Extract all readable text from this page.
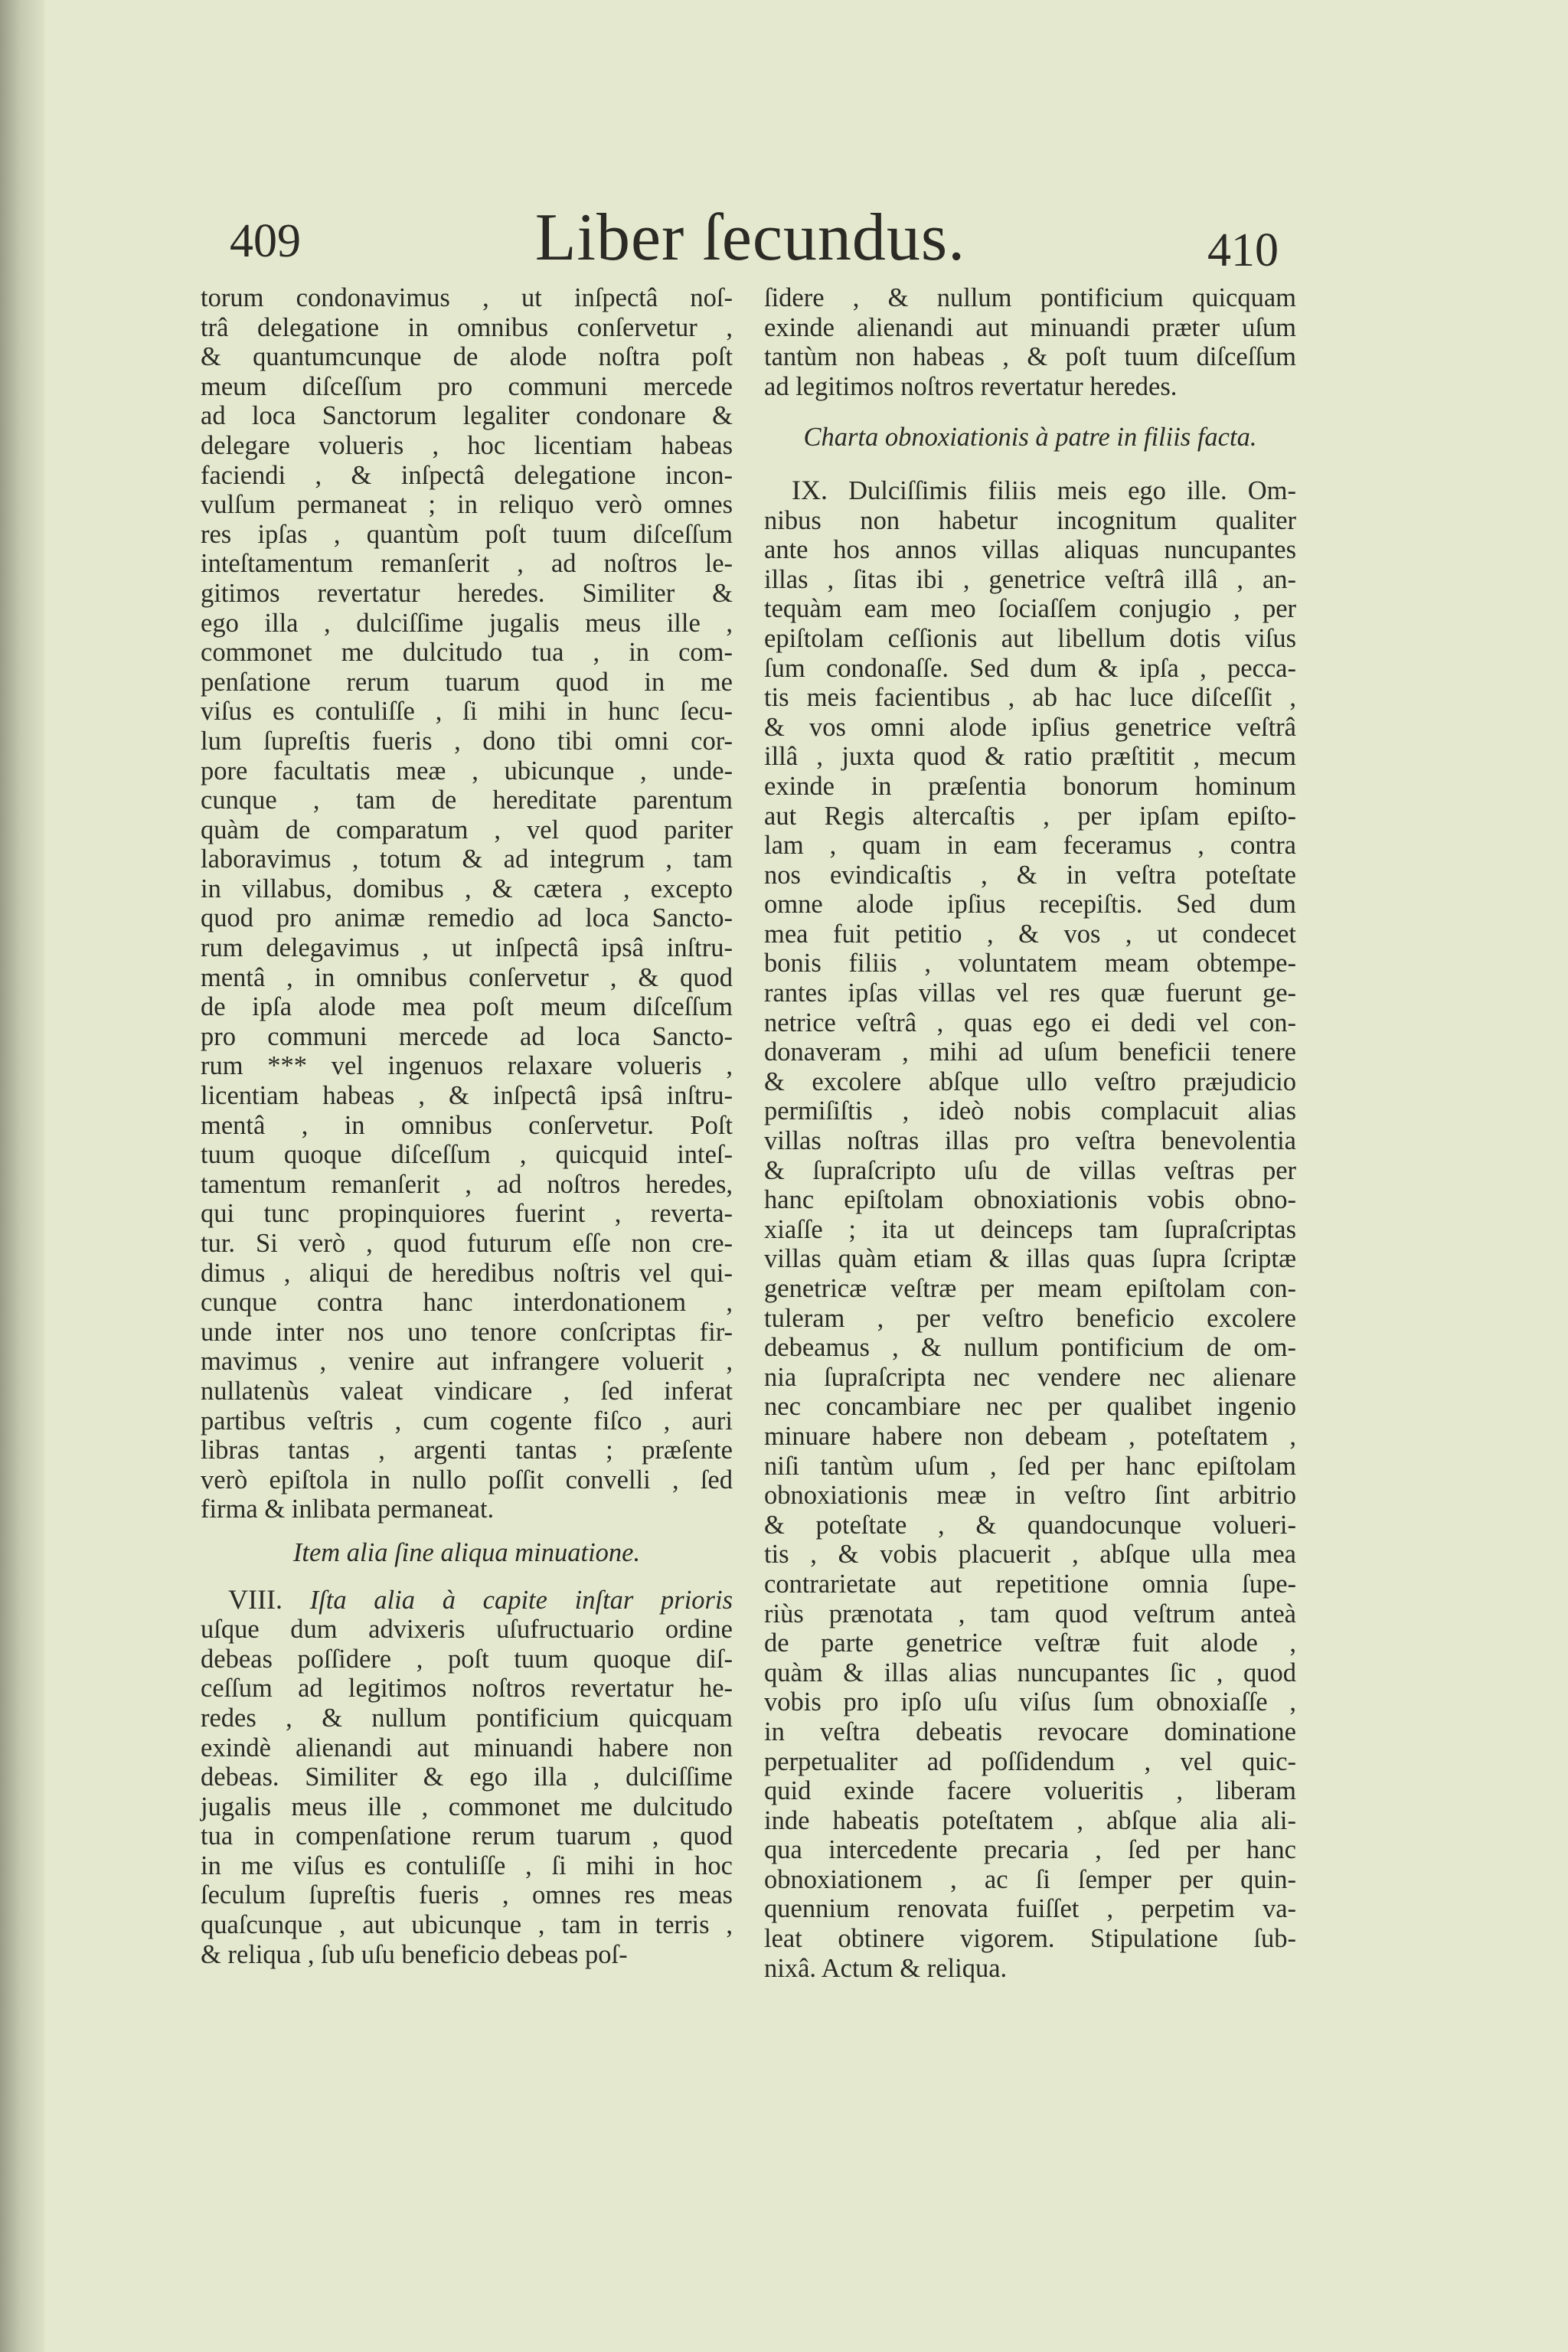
409	Liber ſecundus.	410
torum condonavimus , ut inſpectâ noſ-
trâ delegatione in omnibus conſervetur ,
& quantumcunque de alode noſtra poſt
meum diſceſſum pro communi mercede
ad loca Sanctorum legaliter condonare &
delegare volueris , hoc licentiam habeas
faciendi , & inſpectâ delegatione incon-
vulſum permaneat ; in reliquo verò omnes
res ipſas , quantùm poſt tuum diſceſſum
inteſtamentum remanſerit , ad noſtros le-
gitimos revertatur heredes. Similiter &
ego illa , dulciſſime jugalis meus ille ,
commonet me dulcitudo tua , in com-
penſatione rerum tuarum quod in me
viſus es contuliſſe , ſi mihi in hunc ſecu-
lum ſupreſtis fueris , dono tibi omni cor-
pore facultatis meæ , ubicunque , unde-
cunque , tam de hereditate parentum
quàm de comparatum , vel quod pariter
laboravimus , totum & ad integrum , tam
in villabus, domibus , & cætera , excepto
quod pro animæ remedio ad loca Sancto-
rum delegavimus , ut inſpectâ ipsâ inſtru-
mentâ , in omnibus conſervetur , & quod
de ipſa alode mea poſt meum diſceſſum
pro communi mercede ad loca Sancto-
rum *** vel ingenuos relaxare volueris ,
licentiam habeas , & inſpectâ ipsâ inſtru-
mentâ , in omnibus conſervetur. Poſt
tuum quoque diſceſſum , quicquid inteſ-
tamentum remanſerit , ad noſtros heredes,
qui tunc propinquiores fuerint , reverta-
tur. Si verò , quod futurum eſſe non cre-
dimus , aliqui de heredibus noſtris vel qui-
cunque contra hanc interdonationem ,
unde inter nos uno tenore conſcriptas fir-
mavimus , venire aut infrangere voluerit ,
nullatenùs valeat vindicare , ſed inferat
partibus veſtris , cum cogente fiſco , auri
libras tantas , argenti tantas ; præſente
verò epiſtola in nullo poſſit convelli , ſed
firma & inlibata permaneat.
Item alia ſine aliqua minuatione.
VIII. Iſta alia à capite inſtar prioris
uſque dum advixeris uſufructuario ordine
debeas poſſidere , poſt tuum quoque diſ-
ceſſum ad legitimos noſtros revertatur he-
redes , & nullum pontificium quicquam
exindè alienandi aut minuandi habere non
debeas. Similiter & ego illa , dulciſſime
jugalis meus ille , commonet me dulcitudo
tua in compenſatione rerum tuarum , quod
in me viſus es contuliſſe , ſi mihi in hoc
ſeculum ſupreſtis fueris , omnes res meas
quaſcunque , aut ubicunque , tam in terris ,
& reliqua , ſub uſu beneficio debeas poſ-
ſidere , & nullum pontificium quicquam
exinde alienandi aut minuandi præter uſum
tantùm non habeas , & poſt tuum diſceſſum
ad legitimos noſtros revertatur heredes.
Charta obnoxiationis à patre in filiis facta.
IX. Dulciſſimis filiis meis ego ille. Om-
nibus non habetur incognitum qualiter
ante hos annos villas aliquas nuncupantes
illas , ſitas ibi , genetrice veſtrâ illâ , an-
tequàm eam meo ſociaſſem conjugio , per
epiſtolam ceſſionis aut libellum dotis viſus
ſum condonaſſe. Sed dum & ipſa , pecca-
tis meis facientibus , ab hac luce diſceſſit ,
& vos omni alode ipſius genetrice veſtrâ
illâ , juxta quod & ratio præſtitit , mecum
exinde in præſentia bonorum hominum
aut Regis altercaſtis , per ipſam epiſto-
lam , quam in eam feceramus , contra
nos evindicaſtis , & in veſtra poteſtate
omne alode ipſius recepiſtis. Sed dum
mea fuit petitio , & vos , ut condecet
bonis filiis , voluntatem meam obtempe-
rantes ipſas villas vel res quæ fuerunt ge-
netrice veſtrâ , quas ego ei dedi vel con-
donaveram , mihi ad uſum beneficii tenere
& excolere abſque ullo veſtro præjudicio
permiſiſtis , ideò nobis complacuit alias
villas noſtras illas pro veſtra benevolentia
& ſupraſcripto uſu de villas veſtras per
hanc epiſtolam obnoxiationis vobis obno-
xiaſſe ; ita ut deinceps tam ſupraſcriptas
villas quàm etiam & illas quas ſupra ſcriptæ
genetricæ veſtræ per meam epiſtolam con-
tuleram , per veſtro beneficio excolere
debeamus , & nullum pontificium de om-
nia ſupraſcripta nec vendere nec alienare
nec concambiare nec per qualibet ingenio
minuare habere non debeam , poteſtatem ,
niſi tantùm uſum , ſed per hanc epiſtolam
obnoxiationis meæ in veſtro ſint arbitrio
& poteſtate , & quandocunque volueri-
tis , & vobis placuerit , abſque ulla mea
contrarietate aut repetitione omnia ſupe-
riùs prænotata , tam quod veſtrum anteà
de parte genetrice veſtræ fuit alode ,
quàm & illas alias nuncupantes ſic , quod
vobis pro ipſo uſu viſus ſum obnoxiaſſe ,
in veſtra debeatis revocare dominatione
perpetualiter ad poſſidendum , vel quic-
quid exinde facere volueritis , liberam
inde habeatis poteſtatem , abſque alia ali-
qua intercedente precaria , ſed per hanc
obnoxiationem , ac ſi ſemper per quin-
quennium renovata fuiſſet , perpetim va-
leat obtinere vigorem. Stipulatione ſub-
nixâ. Actum & reliqua.
